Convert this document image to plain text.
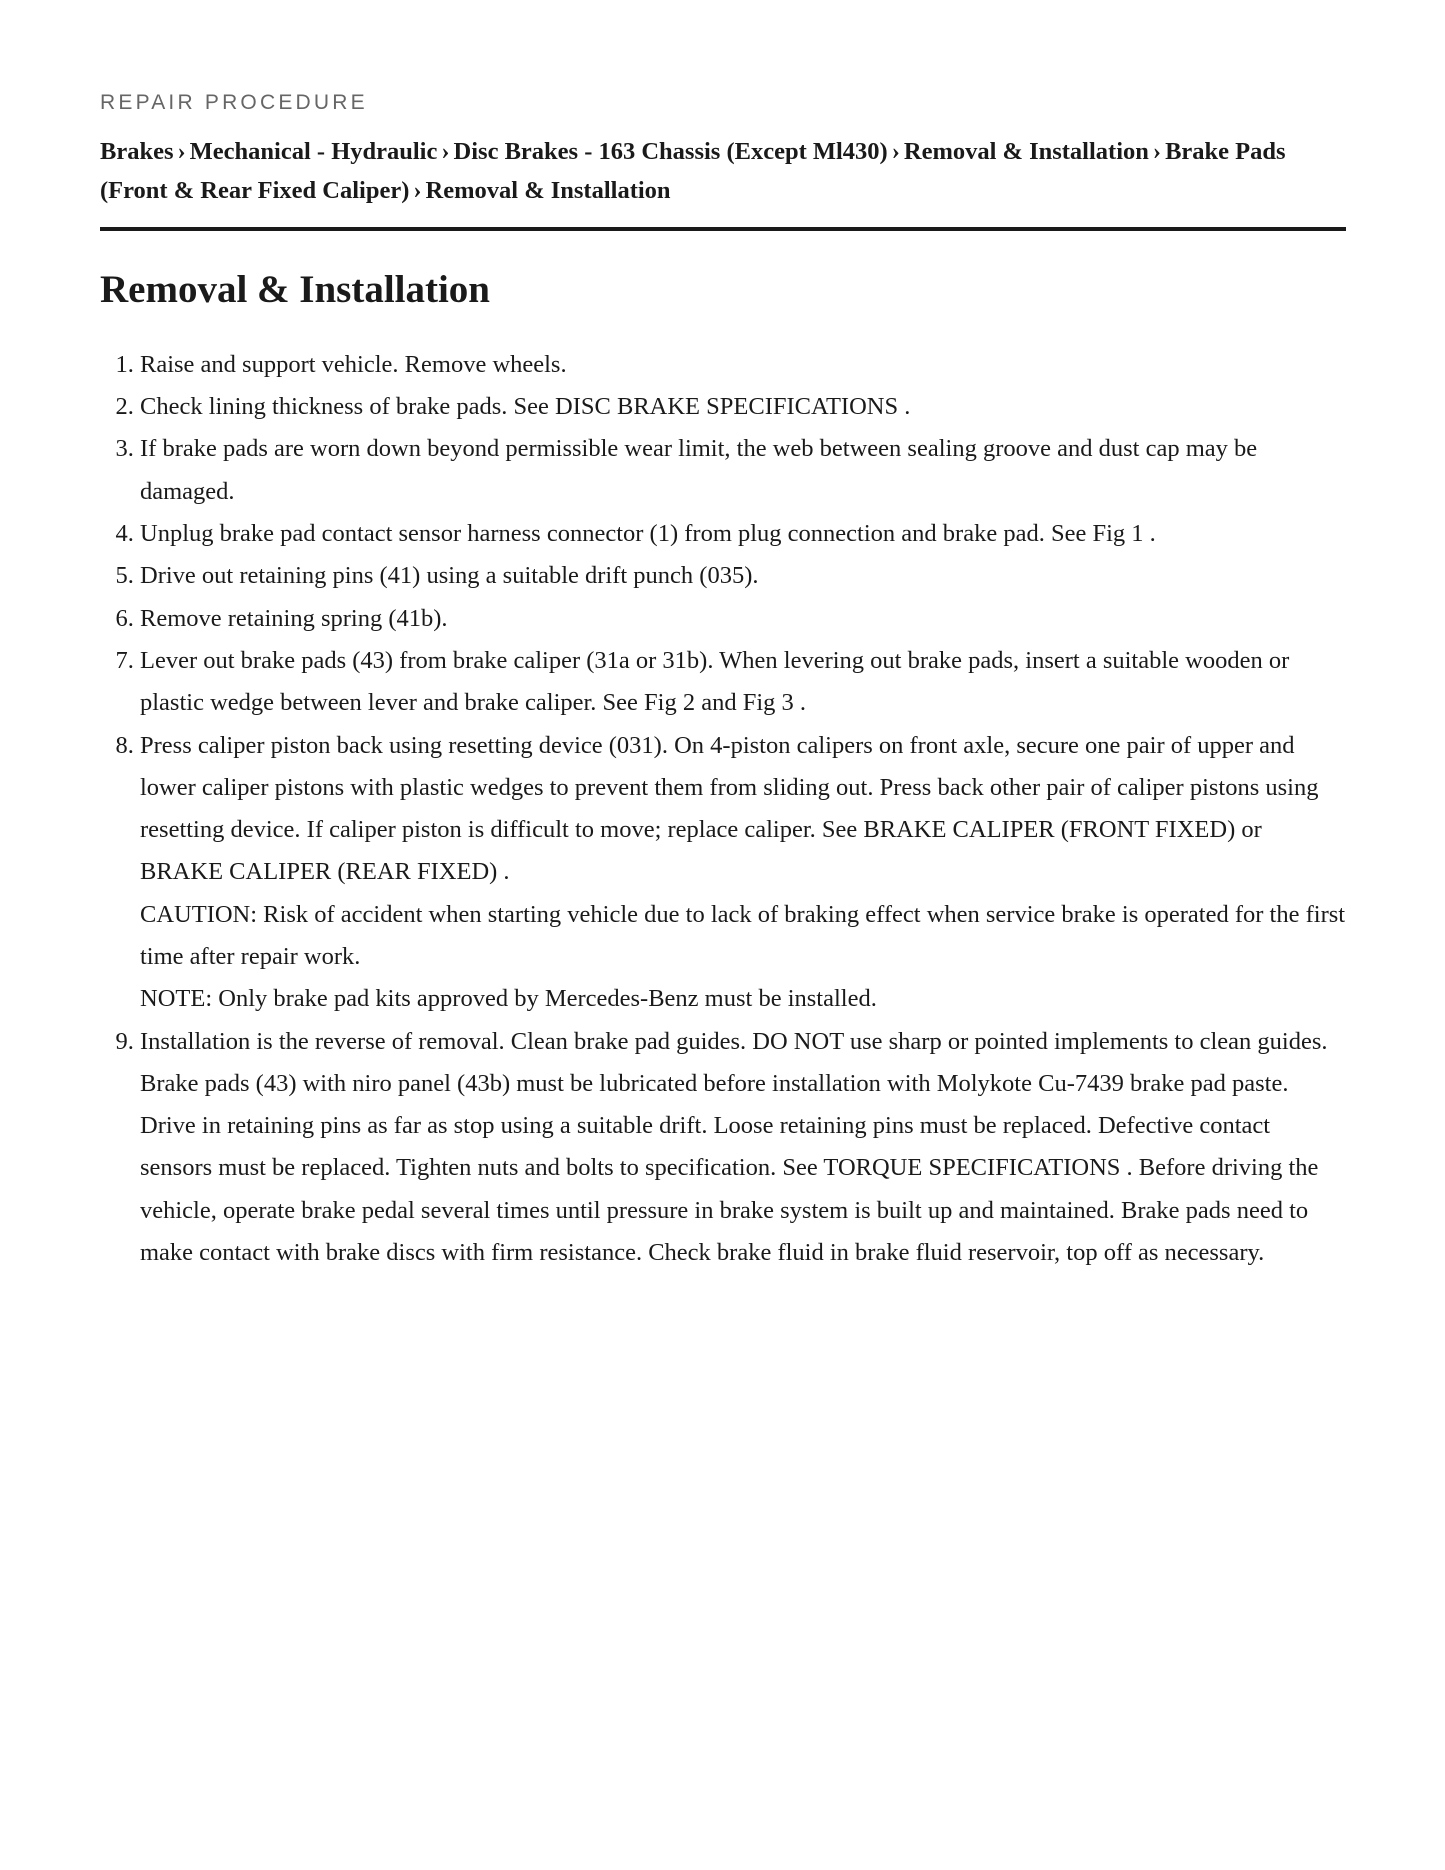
REPAIR PROCEDURE
Brakes › Mechanical - Hydraulic › Disc Brakes - 163 Chassis (Except Ml430) › Removal & Installation › Brake Pads (Front & Rear Fixed Caliper) › Removal & Installation
Removal & Installation
1. Raise and support vehicle. Remove wheels.
2. Check lining thickness of brake pads. See DISC BRAKE SPECIFICATIONS .
3. If brake pads are worn down beyond permissible wear limit, the web between sealing groove and dust cap may be damaged.
4. Unplug brake pad contact sensor harness connector (1) from plug connection and brake pad. See Fig 1 .
5. Drive out retaining pins (41) using a suitable drift punch (035).
6. Remove retaining spring (41b).
7. Lever out brake pads (43) from brake caliper (31a or 31b). When levering out brake pads, insert a suitable wooden or plastic wedge between lever and brake caliper. See Fig 2 and Fig 3 .
8. Press caliper piston back using resetting device (031). On 4-piston calipers on front axle, secure one pair of upper and lower caliper pistons with plastic wedges to prevent them from sliding out. Press back other pair of caliper pistons using resetting device. If caliper piston is difficult to move; replace caliper. See BRAKE CALIPER (FRONT FIXED) or BRAKE CALIPER (REAR FIXED) .
CAUTION: Risk of accident when starting vehicle due to lack of braking effect when service brake is operated for the first time after repair work.
NOTE: Only brake pad kits approved by Mercedes-Benz must be installed.
9. Installation is the reverse of removal. Clean brake pad guides. DO NOT use sharp or pointed implements to clean guides. Brake pads (43) with niro panel (43b) must be lubricated before installation with Molykote Cu-7439 brake pad paste. Drive in retaining pins as far as stop using a suitable drift. Loose retaining pins must be replaced. Defective contact sensors must be replaced. Tighten nuts and bolts to specification. See TORQUE SPECIFICATIONS . Before driving the vehicle, operate brake pedal several times until pressure in brake system is built up and maintained. Brake pads need to make contact with brake discs with firm resistance. Check brake fluid in brake fluid reservoir, top off as necessary.
